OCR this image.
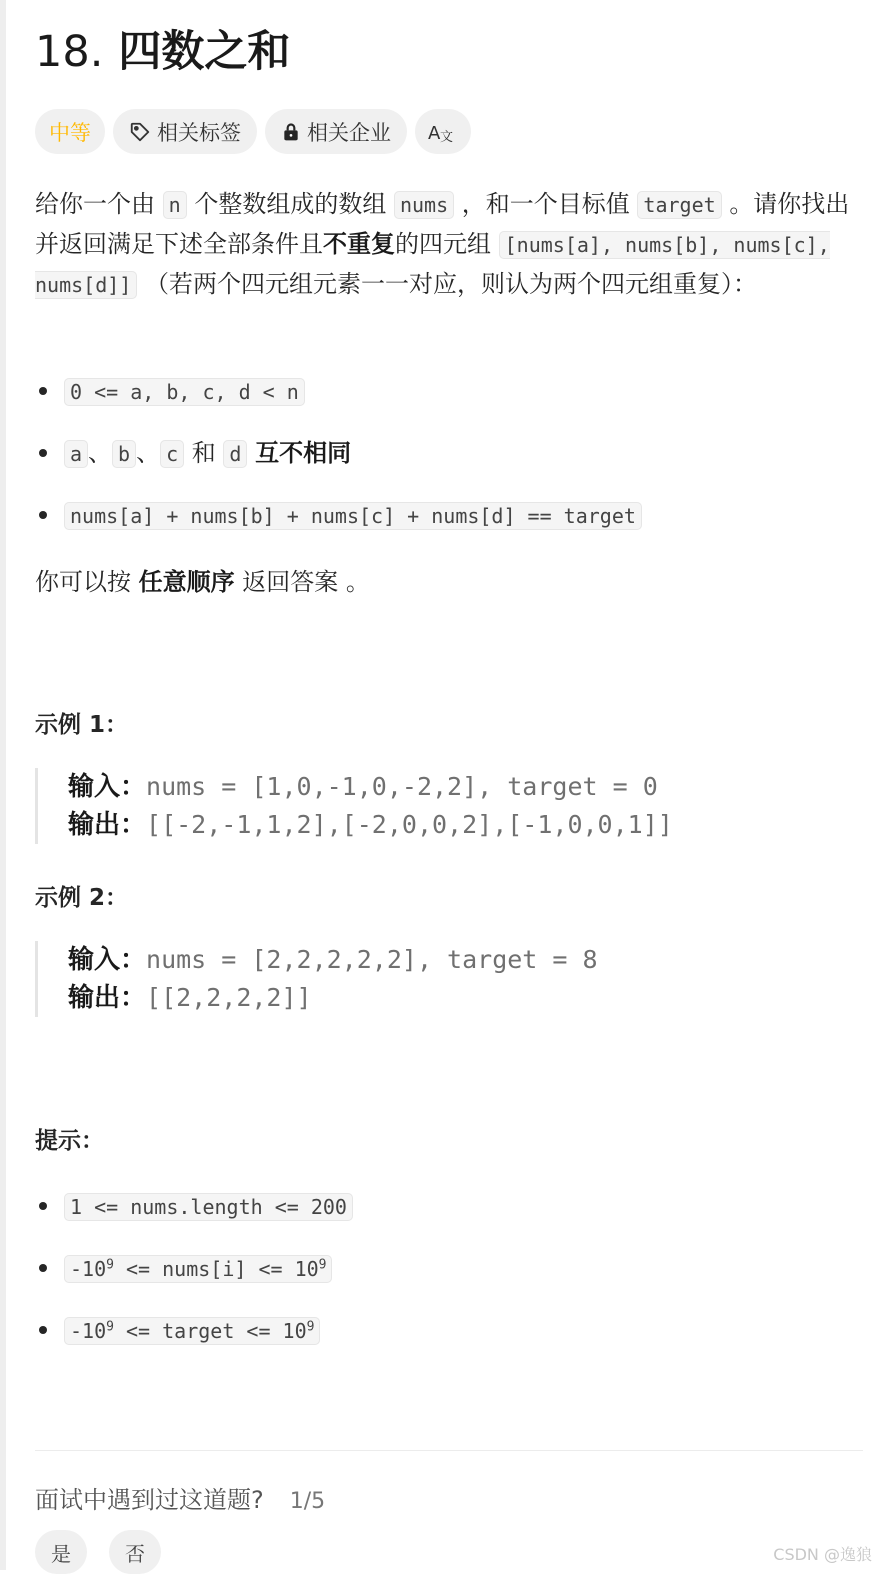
18. 四数之和
中等	相关标签	相关企业 A 文

给你一个由 n 个整数组成的数组 nums ，和一个目标值 target 。请你找出并返回满足下述全部条件且不重复的四元组 [nums[a], nums[b], nums[c], nums[d]] （若两个四元组元素一一对应，则认为两个四元组重复）：

0 <= a, b, c, d < n
a 、 b 、 c 和 d 互不相同
nums[a] + nums[b] + nums[c] + nums[d] == target

你可以按 任意顺序 返回答案 。

示例 1：
输入：nums = [1,0,-1,0,-2,2], target = 0
输出：[[-2,-1,1,2],[-2,0,0,2],[-1,0,0,1]]
示例 2：
输入：nums = [2,2,2,2,2], target = 8
输出：[[2,2,2,2]]
提示：
1 <= nums.length <= 200
$-10^9$ <= nums[i] <= $10^9$
$-10^9$ <= target <= $10^9$
面试中遇到过这道题? 1/5
是	否	CSDN @逸狼
